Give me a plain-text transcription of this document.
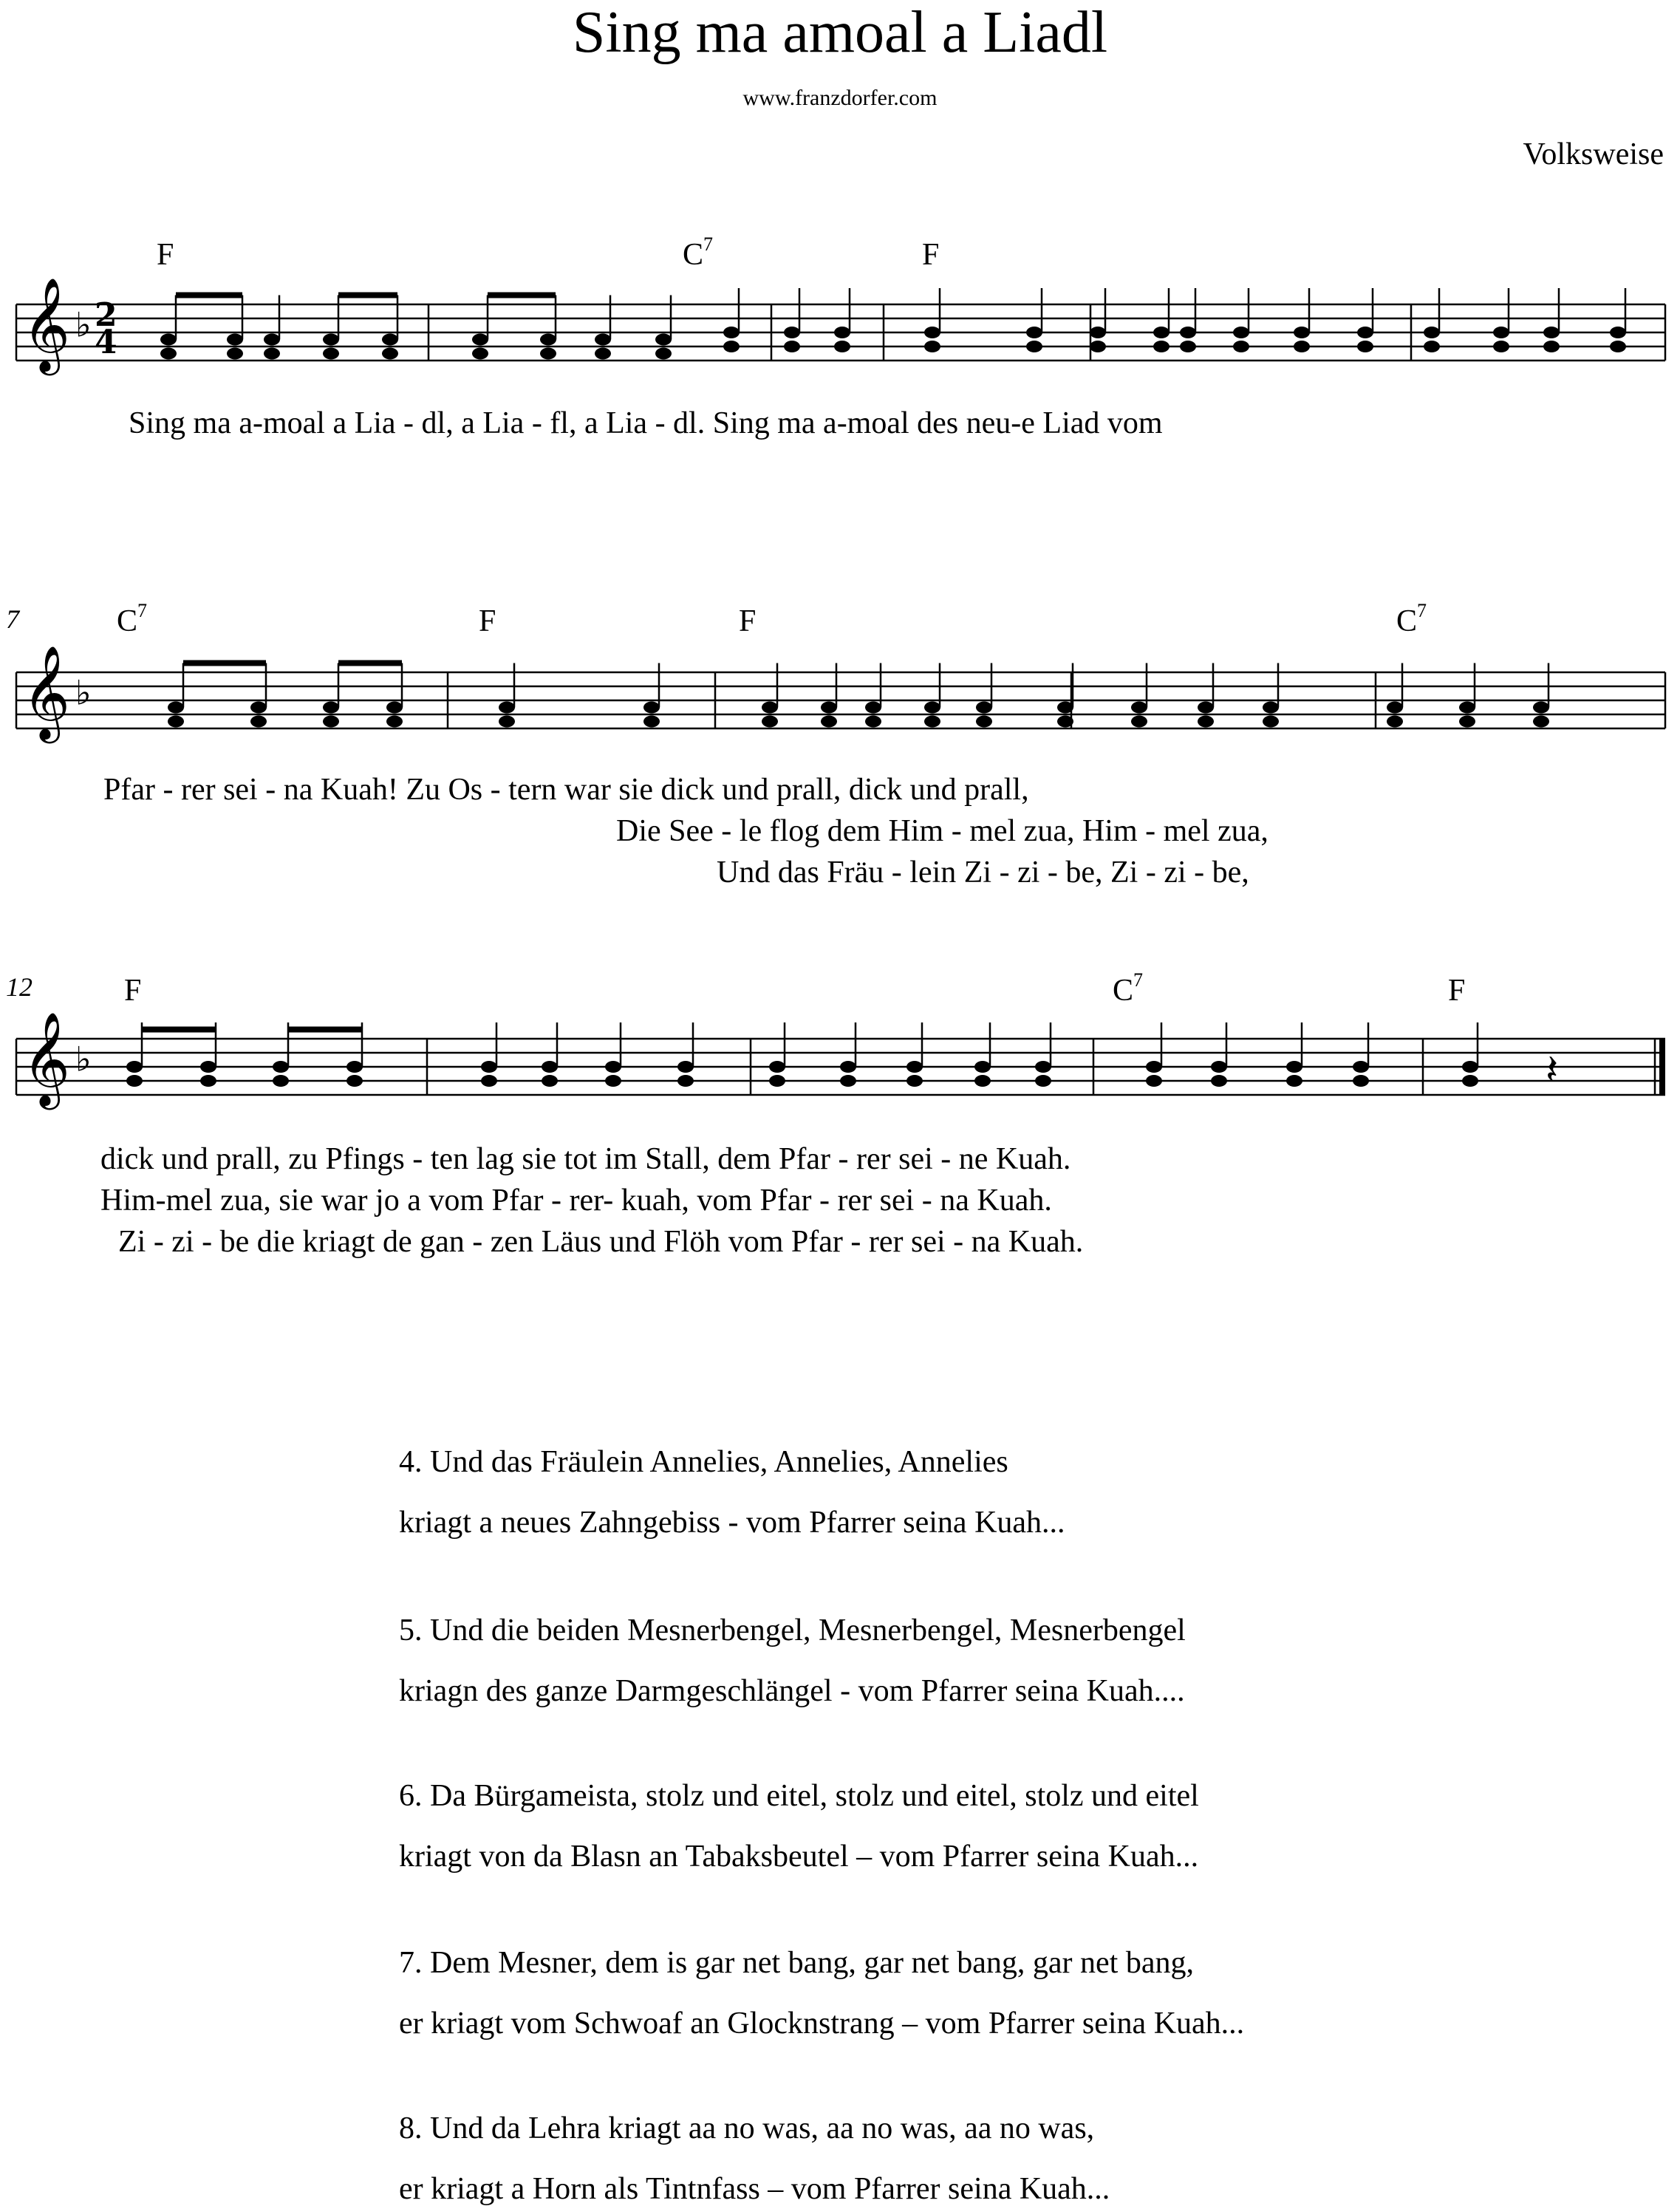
Sing ma amoal a Liadl
www.franzdorfer.com
Volksweise
𝄞 ♭
𝄞 ♭
𝄞 ♭
2
4
𝄽
F	$C^7$	F
7	$C^7$	F	F	$C^7$
12	F	$C^7$	F
Sing ma a-moal a Lia - dl, a Lia - fl, a Lia - dl. Sing ma a-moal des neu-e Liad vom
Pfar - rer sei - na Kuah! Zu Os - tern war sie dick und prall, dick und prall,
Die See - le flog dem Him - mel zua, Him - mel zua,
Und das Fräu - lein Zi - zi - be, Zi - zi - be,
dick und prall, zu Pfings - ten lag sie tot im Stall, dem Pfar - rer sei - ne Kuah.
Him-mel zua, sie war jo a vom Pfar - rer- kuah, vom Pfar - rer sei - na Kuah.
Zi - zi - be die kriagt de gan - zen Läus und Flöh vom Pfar - rer sei - na Kuah.
4. Und das Fräulein Annelies, Annelies, Annelies
kriagt a neues Zahngebiss - vom Pfarrer seina Kuah...
5. Und die beiden Mesnerbengel, Mesnerbengel, Mesnerbengel
kriagn des ganze Darmgeschlängel - vom Pfarrer seina Kuah....
6. Da Bürgameista, stolz und eitel, stolz und eitel, stolz und eitel
kriagt von da Blasn an Tabaksbeutel – vom Pfarrer seina Kuah...
7. Dem Mesner, dem is gar net bang, gar net bang, gar net bang,
er kriagt vom Schwoaf an Glocknstrang – vom Pfarrer seina Kuah...
8. Und da Lehra kriagt aa no was, aa no was, aa no was,
er kriagt a Horn als Tintnfass – vom Pfarrer seina Kuah...
